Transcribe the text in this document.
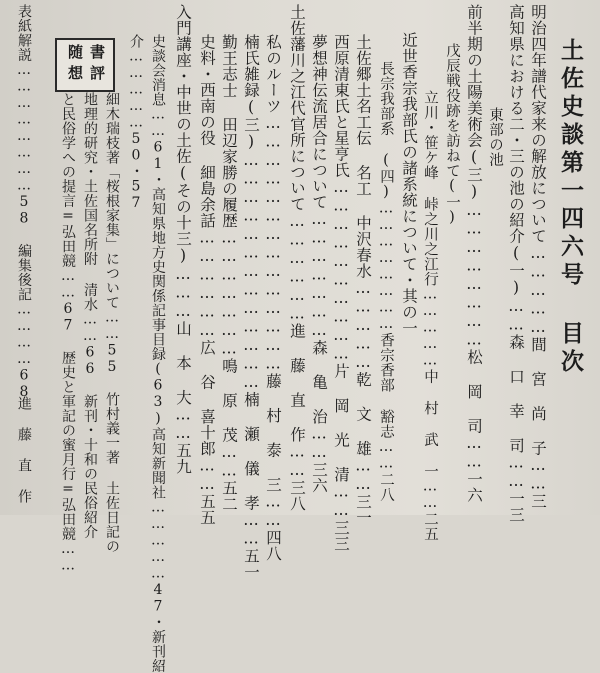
土佐史談第一四六号 目次
明治四年譜代家来の解放について……………間 宮 尚 子……三
高知県における二・三の池の紹介(一)……森 口 幸 司……一三
　東部の池
前半期の土陽美術会(三)……………………松 岡 司……一六
　戊辰戦役跡を訪ねて(一)
　　立川・笹ケ峰 峠之川之江行……………中 村 武 一……二五
近世香宗我部氏の諸系統について・其の一
　長宗我部系 (四)……………………香宗香部 豁志……二八
土佐郷土名工伝 名工 中沢春水……………乾 文 雄……三一
西原清東氏と星亨氏…………………………片 岡 光 清……三三
夢想神伝流居合について…………………森 亀 治……三六
土佐藩川之江代官所について………………進 藤 直 作……三八
私のルーツ……………………………………藤 村 泰 三……四八
楠氏雑録(三)…………………………………楠 瀬 儀 孝……五一
勤王志士 田辺家勝の履歴…………………鳴 原 茂……五二
史料・西南の役 細島余話………………広 谷 喜十郎……五五
入門講座・中世の土佐(その十三)………山 本 大……五九
史談会消息……61・高知県地方史関係記事目録(63)高知新聞社……………47・新刊紹
介……………50・57
細木瑞枝著「桜根家集」について……55 竹村義一著 土佐日記の
地理的研究・土佐国名所附 清水……66 新刊・十和の民俗紹介
と民俗学への提言=弘田競……67 歴史と軍記の蜜月行=弘田競……
表紙解説……………………58 編集後記…………68
進 藤 直 作
書評
随想
